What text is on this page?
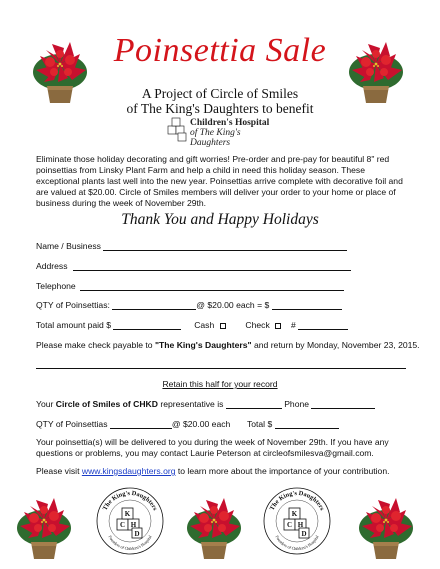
Poinsettia Sale
A Project of Circle of Smiles
of The King's Daughters to benefit
Children's Hospital
of The King's Daughters
Eliminate those holiday decorating and gift worries! Pre-order and pre-pay for beautiful 8" red poinsettias from Linsky Plant Farm and help a child in need this holiday season. These exceptional plants last well into the new year. Poinsettias arrive complete with decorative foil and are valued at $20.00. Circle of Smiles members will deliver your order to your home or place of business during the week of November 29th.
Thank You and Happy Holidays
Name / Business
Address
Telephone
QTY of Poinsettias:	@ $20.00 each = $
Total amount paid $	Cash	Check #
Please make check payable to "The King's Daughters" and return by Monday, November 23, 2015.
Retain this half for your record
Your Circle of Smiles of CHKD representative is	Phone
QTY of Poinsettias	@ $20.00 each Total $
Your poinsettia(s) will be delivered to you during the week of November 29th. If you have any questions or problems, you may contact Laurie Peterson at circleofsmilesva@gmail.com.
Please visit www.kingsdaughters.org to learn more about the importance of your contribution.
The King's Daughters
Founders of Children's Hospital
The King's Daughters
Founders of Children's Hospital
